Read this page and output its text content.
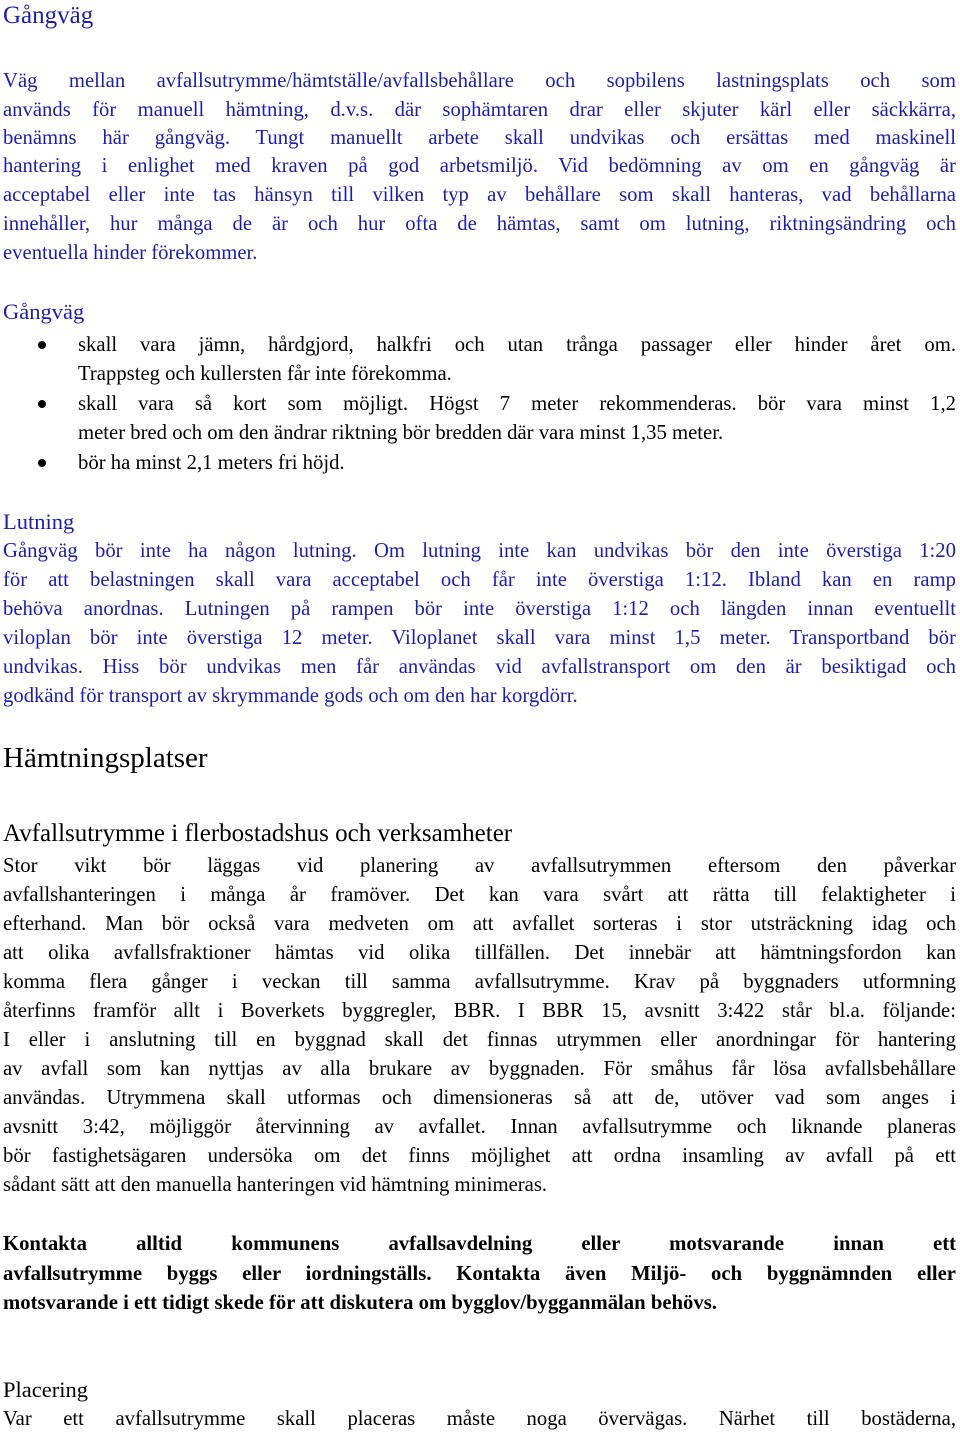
Gångväg
Väg mellan avfallsutrymme/hämtställe/avfallsbehållare och sopbilens lastningsplats och som
används för manuell hämtning, d.v.s. där sophämtaren drar eller skjuter kärl eller säckkärra,
benämns här gångväg. Tungt manuellt arbete skall undvikas och ersättas med maskinell
hantering i enlighet med kraven på god arbetsmiljö. Vid bedömning av om en gångväg är
acceptabel eller inte tas hänsyn till vilken typ av behållare som skall hanteras, vad behållarna
innehåller, hur många de är och hur ofta de hämtas, samt om lutning, riktningsändring och
eventuella hinder förekommer.
Gångväg
skall vara jämn, hårdgjord, halkfri och utan trånga passager eller hinder året om.
Trappsteg och kullersten får inte förekomma.
skall vara så kort som möjligt. Högst 7 meter rekommenderas. bör vara minst 1,2
meter bred och om den ändrar riktning bör bredden där vara minst 1,35 meter.
bör ha minst 2,1 meters fri höjd.
Lutning
Gångväg bör inte ha någon lutning. Om lutning inte kan undvikas bör den inte överstiga 1:20
för att belastningen skall vara acceptabel och får inte överstiga 1:12. Ibland kan en ramp
behöva anordnas. Lutningen på rampen bör inte överstiga 1:12 och längden innan eventuellt
viloplan bör inte överstiga 12 meter. Viloplanet skall vara minst 1,5 meter. Transportband bör
undvikas. Hiss bör undvikas men får användas vid avfallstransport om den är besiktigad och
godkänd för transport av skrymmande gods och om den har korgdörr.
Hämtningsplatser
Avfallsutrymme i flerbostadshus och verksamheter
Stor vikt bör läggas vid planering av avfallsutrymmen eftersom den påverkar
avfallshanteringen i många år framöver. Det kan vara svårt att rätta till felaktigheter i
efterhand. Man bör också vara medveten om att avfallet sorteras i stor utsträckning idag och
att olika avfallsfraktioner hämtas vid olika tillfällen. Det innebär att hämtningsfordon kan
komma flera gånger i veckan till samma avfallsutrymme. Krav på byggnaders utformning
återfinns framför allt i Boverkets byggregler, BBR. I BBR 15, avsnitt 3:422 står bl.a. följande:
I eller i anslutning till en byggnad skall det finnas utrymmen eller anordningar för hantering
av avfall som kan nyttjas av alla brukare av byggnaden. För småhus får lösa avfallsbehållare
användas. Utrymmena skall utformas och dimensioneras så att de, utöver vad som anges i
avsnitt 3:42, möjliggör återvinning av avfallet. Innan avfallsutrymme och liknande planeras
bör fastighetsägaren undersöka om det finns möjlighet att ordna insamling av avfall på ett
sådant sätt att den manuella hanteringen vid hämtning minimeras.
Kontakta alltid kommunens avfallsavdelning eller motsvarande innan ett
avfallsutrymme byggs eller iordningställs. Kontakta även Miljö- och byggnämnden eller
motsvarande i ett tidigt skede för att diskutera om bygglov/bygganmälan behövs.
Placering
Var ett avfallsutrymme skall placeras måste noga övervägas. Närhet till bostäderna,
